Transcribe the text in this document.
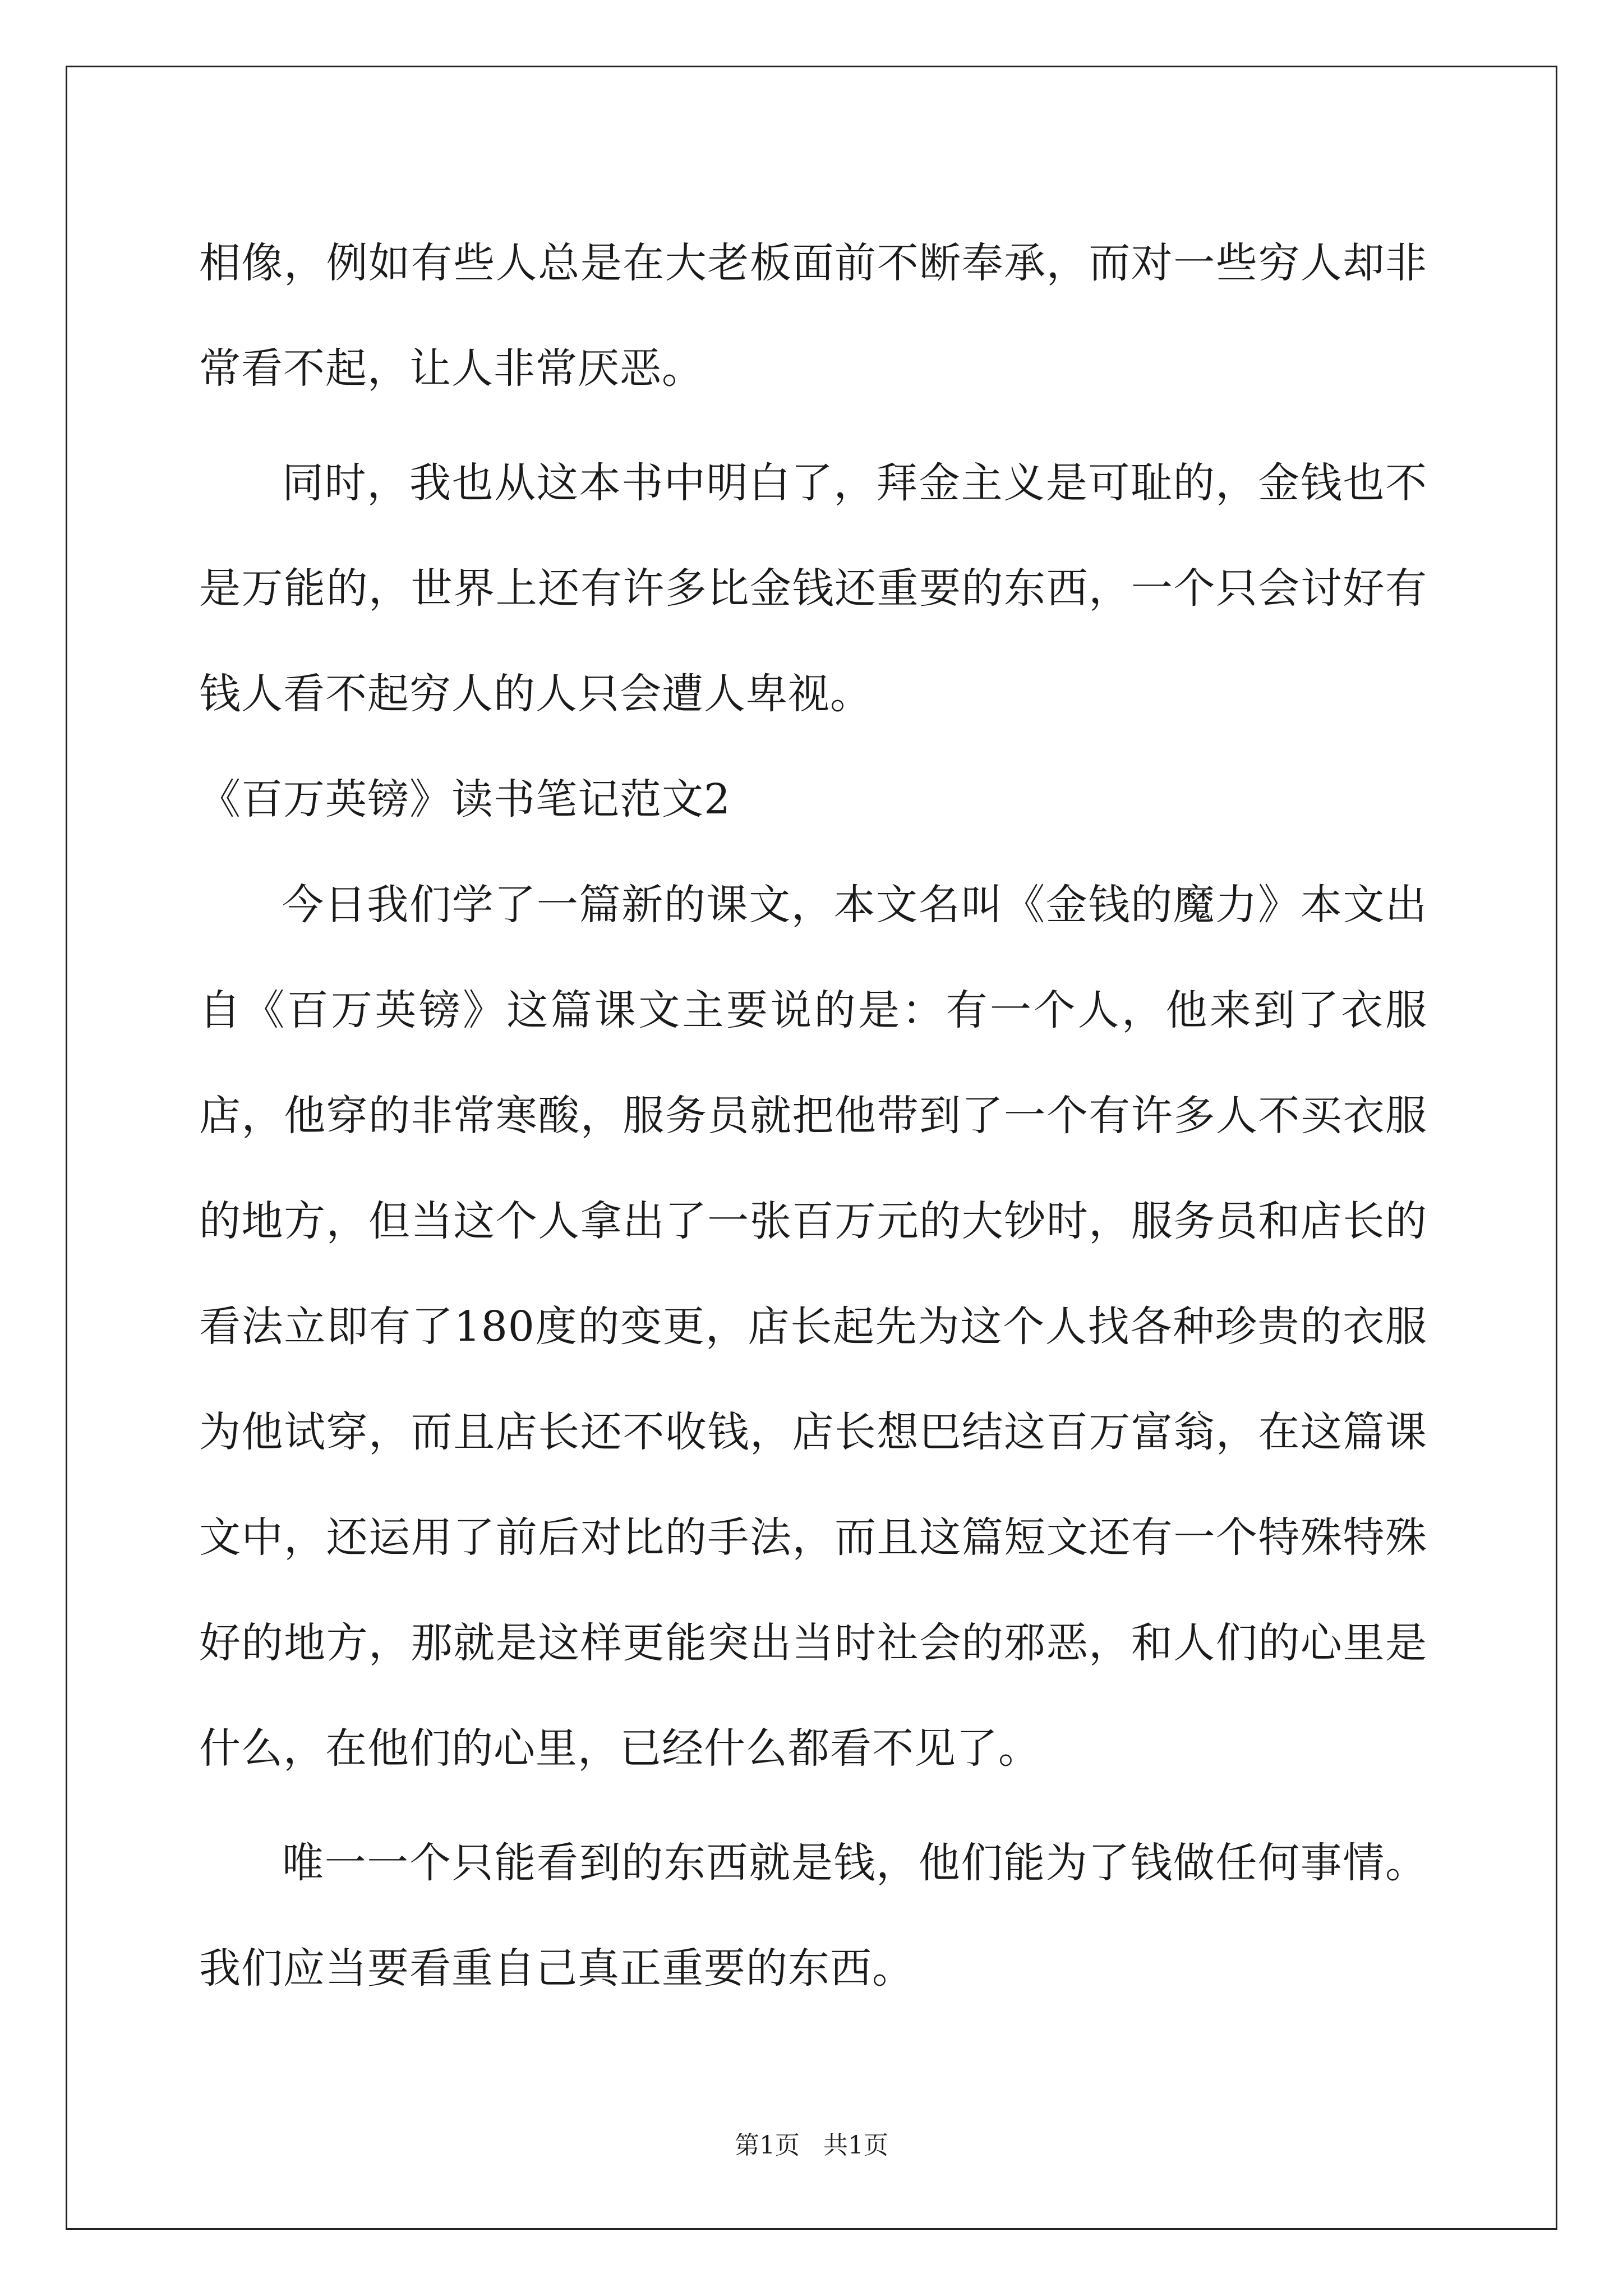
相像，例如有些人总是在大老板面前不断奉承，而对一些穷人却非常看不起，让人非常厌恶。

同时，我也从这本书中明白了，拜金主义是可耻的，金钱也不是万能的，世界上还有许多比金钱还重要的东西，一个只会讨好有钱人看不起穷人的人只会遭人卑视。

《百万英镑》读书笔记范文2

今日我们学了一篇新的课文，本文名叫《金钱的魔力》本文出自《百万英镑》这篇课文主要说的是：有一个人，他来到了衣服店，他穿的非常寒酸，服务员就把他带到了一个有许多人不买衣服的地方，但当这个人拿出了一张百万元的大钞时，服务员和店长的看法立即有了180度的变更，店长起先为这个人找各种珍贵的衣服为他试穿，而且店长还不收钱，店长想巴结这百万富翁，在这篇课文中，还运用了前后对比的手法，而且这篇短文还有一个特殊特殊好的地方，那就是这样更能突出当时社会的邪恶，和人们的心里是什么，在他们的心里，已经什么都看不见了。

唯一一个只能看到的东西就是钱，他们能为了钱做任何事情。我们应当要看重自己真正重要的东西。

第1页   共1页
